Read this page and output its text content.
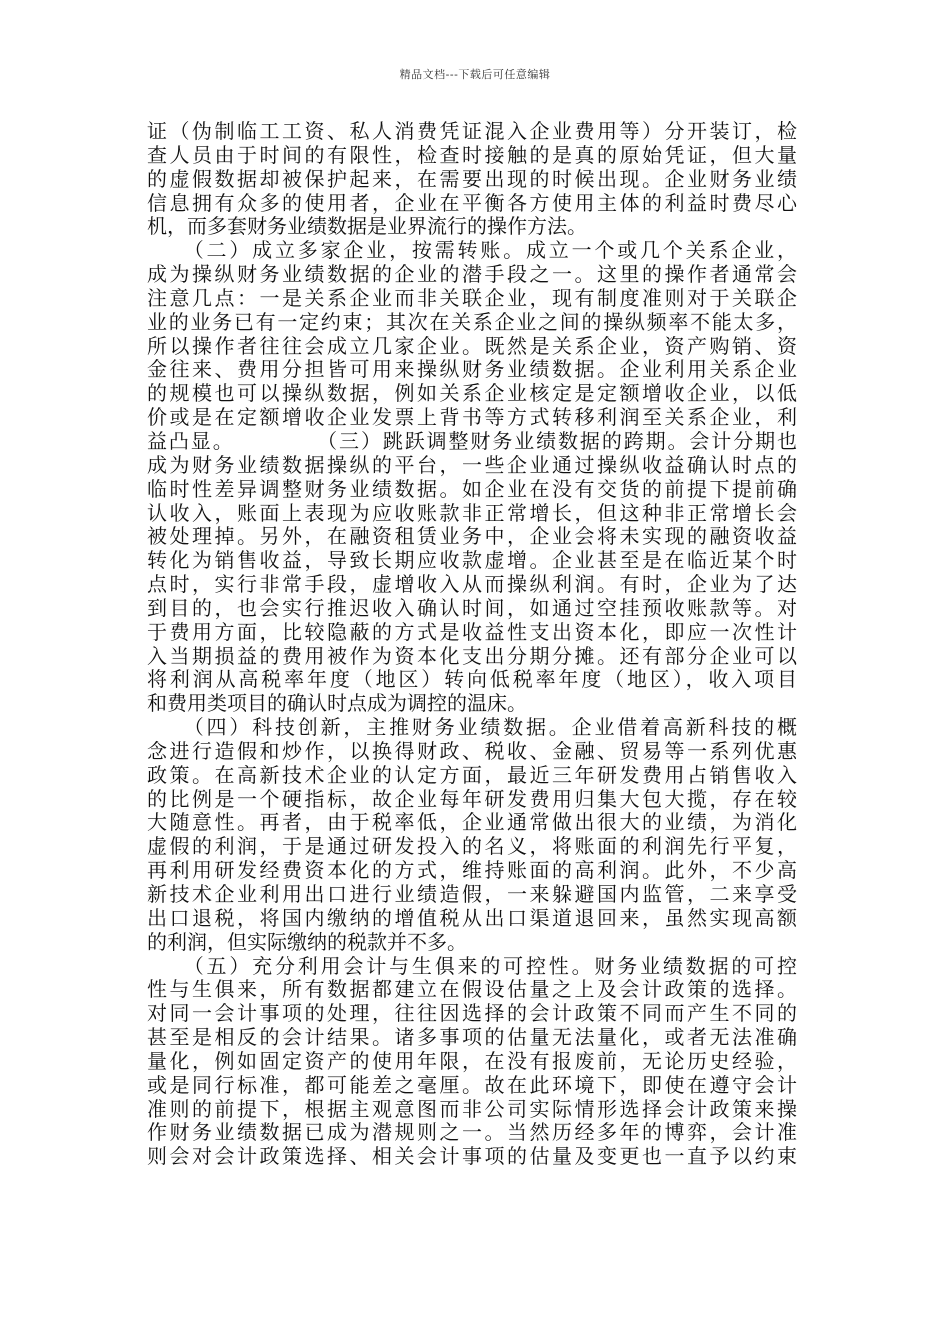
精品文档---下载后可任意编辑
证（伪制临工工资、私人消费凭证混入企业费用等）分开装订，检
查人员由于时间的有限性，检查时接触的是真的原始凭证，但大量
的虚假数据却被保护起来，在需要出现的时候出现。企业财务业绩
信息拥有众多的使用者，企业在平衡各方使用主体的利益时费尽心
机，而多套财务业绩数据是业界流行的操作方法。
（二）成立多家企业，按需转账。成立一个或几个关系企业，
成为操纵财务业绩数据的企业的潜手段之一。这里的操作者通常会
注意几点：一是关系企业而非关联企业，现有制度准则对于关联企
业的业务已有一定约束；其次在关系企业之间的操纵频率不能太多，
所以操作者往往会成立几家企业。既然是关系企业，资产购销、资
金往来、费用分担皆可用来操纵财务业绩数据。企业利用关系企业
的规模也可以操纵数据，例如关系企业核定是定额增收企业，以低
价或是在定额增收企业发票上背书等方式转移利润至关系企业，利
益凸显。          （三）跳跃调整财务业绩数据的跨期。会计分期也
成为财务业绩数据操纵的平台，一些企业通过操纵收益确认时点的
临时性差异调整财务业绩数据。如企业在没有交货的前提下提前确
认收入，账面上表现为应收账款非正常增长，但这种非正常增长会
被处理掉。另外，在融资租赁业务中，企业会将未实现的融资收益
转化为销售收益，导致长期应收款虚增。企业甚至是在临近某个时
点时，实行非常手段，虚增收入从而操纵利润。有时，企业为了达
到目的，也会实行推迟收入确认时间，如通过空挂预收账款等。对
于费用方面，比较隐蔽的方式是收益性支出资本化，即应一次性计
入当期损益的费用被作为资本化支出分期分摊。还有部分企业可以
将利润从高税率年度（地区）转向低税率年度（地区），收入项目
和费用类项目的确认时点成为调控的温床。
（四）科技创新，主推财务业绩数据。企业借着高新科技的概
念进行造假和炒作，以换得财政、税收、金融、贸易等一系列优惠
政策。在高新技术企业的认定方面，最近三年研发费用占销售收入
的比例是一个硬指标，故企业每年研发费用归集大包大揽，存在较
大随意性。再者，由于税率低，企业通常做出很大的业绩，为消化
虚假的利润，于是通过研发投入的名义，将账面的利润先行平复，
再利用研发经费资本化的方式，维持账面的高利润。此外，不少高
新技术企业利用出口进行业绩造假，一来躲避国内监管，二来享受
出口退税，将国内缴纳的增值税从出口渠道退回来，虽然实现高额
的利润，但实际缴纳的税款并不多。
（五）充分利用会计与生俱来的可控性。财务业绩数据的可控
性与生俱来，所有数据都建立在假设估量之上及会计政策的选择。
对同一会计事项的处理，往往因选择的会计政策不同而产生不同的
甚至是相反的会计结果。诸多事项的估量无法量化，或者无法准确
量化，例如固定资产的使用年限，在没有报废前，无论历史经验，
或是同行标准，都可能差之毫厘。故在此环境下，即使在遵守会计
准则的前提下，根据主观意图而非公司实际情形选择会计政策来操
作财务业绩数据已成为潜规则之一。当然历经多年的博弈，会计准
则会对会计政策选择、相关会计事项的估量及变更也一直予以约束
